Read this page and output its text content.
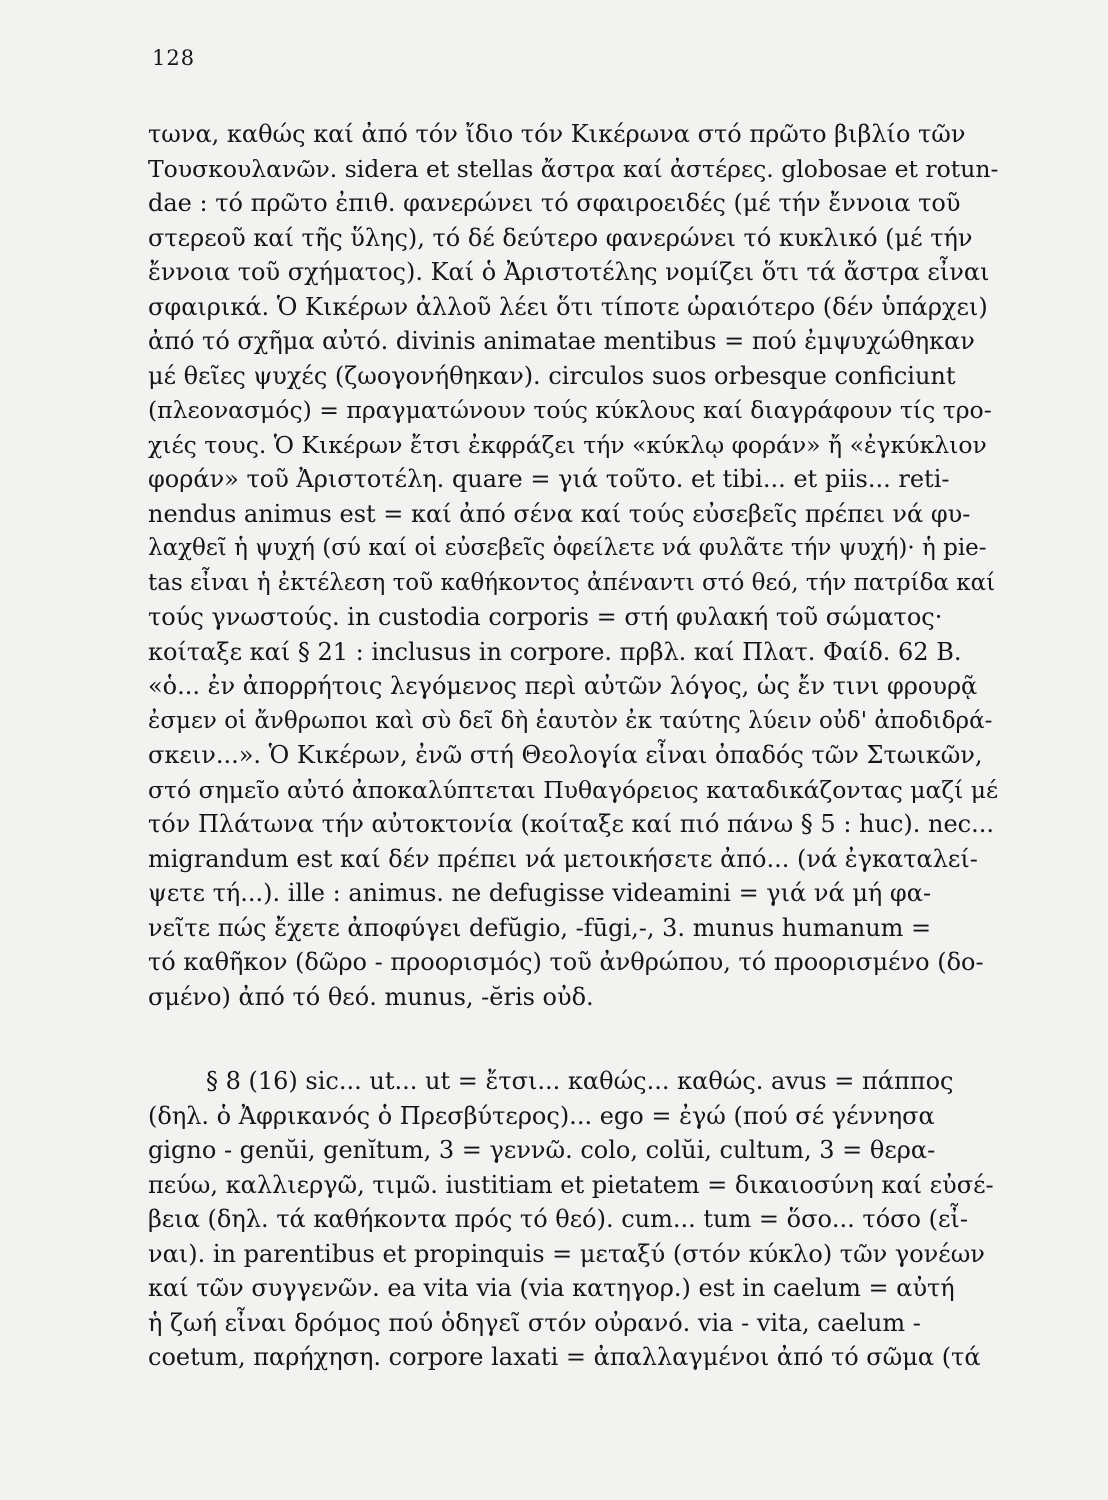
128
τωνα, καθώς καί ἀπό τόν ἴδιο τόν Κικέρωνα στό πρῶτο βιβλίο τῶν
Τουσκουλανῶν. sidera et stellas ἄστρα καί ἀστέρες. globosae et rotun-
dae : τό πρῶτο ἐπιθ. φανερώνει τό σφαιροειδές (μέ τήν ἔννοια τοῦ
στερεοῦ καί τῆς ὕλης), τό δέ δεύτερο φανερώνει τό κυκλικό (μέ τήν
ἔννοια τοῦ σχήματος). Καί ὁ Ἀριστοτέλης νομίζει ὅτι τά ἄστρα εἶναι
σφαιρικά. Ὁ Κικέρων ἀλλοῦ λέει ὅτι τίποτε ὡραιότερο (δέν ὑπάρχει)
ἀπό τό σχῆμα αὐτό. divinis animatae mentibus = πού ἐμψυχώθηκαν
μέ θεῖες ψυχές (ζωογονήθηκαν). circulos suos orbesque conficiunt
(πλεονασμός) = πραγματώνουν τούς κύκλους καί διαγράφουν τίς τρο-
χιές τους. Ὁ Κικέρων ἔτσι ἐκφράζει τήν «κύκλῳ φοράν» ἤ «ἐγκύκλιον
φοράν» τοῦ Ἀριστοτέλη. quare = γιά τοῦτο. et tibi... et piis... reti-
nendus animus est = καί ἀπό σένα καί τούς εὐσεβεῖς πρέπει νά φυ-
λαχθεῖ ἡ ψυχή (σύ καί οἱ εὐσεβεῖς ὀφείλετε νά φυλᾶτε τήν ψυχή)· ἡ pie-
tas εἶναι ἡ ἐκτέλεση τοῦ καθήκοντος ἀπέναντι στό θεό, τήν πατρίδα καί
τούς γνωστούς. in custodia corporis = στή φυλακή τοῦ σώματος·
κοίταξε καί § 21 : inclusus in corpore. πρβλ. καί Πλατ. Φαίδ. 62 Β.
«ὁ... ἐν ἀπορρήτοις λεγόμενος περὶ αὐτῶν λόγος, ὡς ἔν τινι φρουρᾷ
ἐσμεν οἱ ἄνθρωποι καὶ σὺ δεῖ δὴ ἑαυτὸν ἐκ ταύτης λύειν οὐδ' ἀποδιδρά-
σκειν...». Ὁ Κικέρων, ἐνῶ στή Θεολογία εἶναι ὀπαδός τῶν Στωικῶν,
στό σημεῖο αὐτό ἀποκαλύπτεται Πυθαγόρειος καταδικάζοντας μαζί μέ
τόν Πλάτωνα τήν αὐτοκτονία (κοίταξε καί πιό πάνω § 5 : huc). nec...
migrandum est καί δέν πρέπει νά μετοικήσετε ἀπό... (νά ἐγκαταλεί-
ψετε τή...). ille : animus. ne defugisse videamini = γιά νά μή φα-
νεῖτε πώς ἔχετε ἀποφύγει defŭgio, -fūgi,-, 3. munus humanum =
τό καθῆκον (δῶρο - προορισμός) τοῦ ἀνθρώπου, τό προορισμένο (δο-
σμένο) ἀπό τό θεό. munus, -ĕris οὐδ.
§ 8 (16) sic... ut... ut = ἔτσι... καθώς... καθώς. avus = πάππος
(δηλ. ὁ Ἀφρικανός ὁ Πρεσβύτερος)... ego = ἐγώ (πού σέ γέννησα
gigno - genŭi, genĭtum, 3 = γεννῶ. colo, colŭi, cultum, 3 = θερα-
πεύω, καλλιεργῶ, τιμῶ. iustitiam et pietatem = δικαιοσύνη καί εὐσέ-
βεια (δηλ. τά καθήκοντα πρός τό θεό). cum... tum = ὅσο... τόσο (εἶ-
ναι). in parentibus et propinquis = μεταξύ (στόν κύκλο) τῶν γονέων
καί τῶν συγγενῶν. ea vita via (via κατηγορ.) est in caelum = αὐτή
ἡ ζωή εἶναι δρόμος πού ὁδηγεῖ στόν οὐρανό. via - vita, caelum -
coetum, παρήχηση. corpore laxati = ἀπαλλαγμένοι ἀπό τό σῶμα (τά
